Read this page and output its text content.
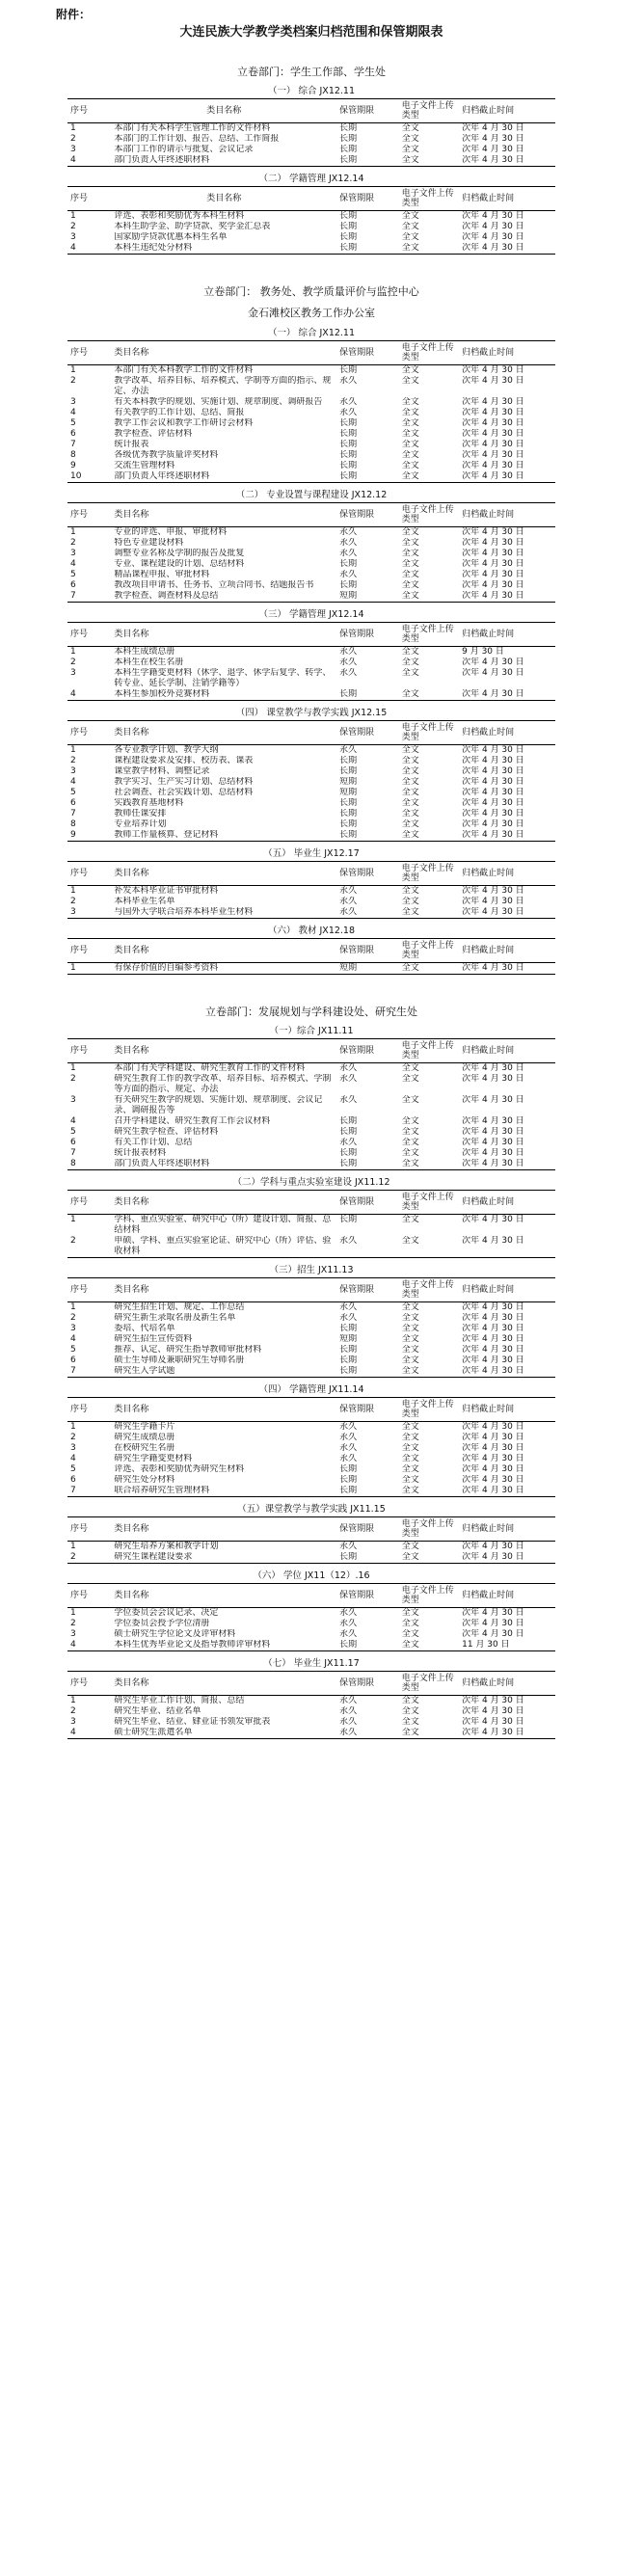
附件：
大连民族大学教学类档案归档范围和保管期限表
立卷部门：学生工作部、学生处
（一） 综合 JX12.11
序号	类目名称	保管期限	电子文件上传类型	归档截止时间
1	本部门有关本科学生管理工作的文件材料	长期	全文	次年 4 月 30 日
2	本部门的工作计划、报告、总结、工作简报	长期	全文	次年 4 月 30 日
3	本部门工作的请示与批复、会议记录	长期	全文	次年 4 月 30 日
4	部门负责人年终述职材料	长期	全文	次年 4 月 30 日
（二） 学籍管理 JX12.14
序号	类目名称	保管期限	电子文件上传类型	归档截止时间
1	评选、表彰和奖励优秀本科生材料	长期	全文	次年 4 月 30 日
2	本科生助学金、助学贷款、奖学金汇总表	长期	全文	次年 4 月 30 日
3	国家励学贷款优惠本科生名单	长期	全文	次年 4 月 30 日
4	本科生违纪处分材料	长期	全文	次年 4 月 30 日
立卷部门： 教务处、教学质量评价与监控中心
金石滩校区教务工作办公室
（一） 综合 JX12.11
序号	类目名称	保管期限	电子文件上传类型	归档截止时间
1	本部门有关本科教学工作的文件材料	长期	全文	次年 4 月 30 日
2	教学改革、培养目标、培养模式、学制等方面的指示、规定、办法	永久	全文	次年 4 月 30 日
3	有关本科教学的规划、实施计划、规章制度、调研报告	永久	全文	次年 4 月 30 日
4	有关教学的工作计划、总结、简报	永久	全文	次年 4 月 30 日
5	教学工作会议和教学工作研讨会材料	长期	全文	次年 4 月 30 日
6	教学检查、评估材料	长期	全文	次年 4 月 30 日
7	统计报表	长期	全文	次年 4 月 30 日
8	各级优秀教学质量评奖材料	长期	全文	次年 4 月 30 日
9	交流生管理材料	长期	全文	次年 4 月 30 日
10	部门负责人年终述职材料	长期	全文	次年 4 月 30 日
（二） 专业设置与课程建设 JX12.12
序号	类目名称	保管期限	电子文件上传类型	归档截止时间
1	专业的评选、申报、审批材料	永久	全文	次年 4 月 30 日
2	特色专业建设材料	永久	全文	次年 4 月 30 日
3	调整专业名称及学制的报告及批复	永久	全文	次年 4 月 30 日
4	专业、课程建设的计划、总结材料	长期	全文	次年 4 月 30 日
5	精品课程申报、审批材料	永久	全文	次年 4 月 30 日
6	教改项目申请书、任务书、立项合同书、结题报告书	长期	全文	次年 4 月 30 日
7	教学检查、调查材料及总结	短期	全文	次年 4 月 30 日
（三） 学籍管理 JX12.14
序号	类目名称	保管期限	电子文件上传类型	归档截止时间
1	本科生成绩总册	永久	全文	9 月 30 日
2	本科生在校生名册	永久	全文	次年 4 月 30 日
3	本科生学籍变更材料（休学、退学、休学后复学、转学、转专业、延长学制、注销学籍等）	永久	全文	次年 4 月 30 日
4	本科生参加校外竞赛材料	长期	全文	次年 4 月 30 日
（四） 课堂教学与教学实践 JX12.15
序号	类目名称	保管期限	电子文件上传类型	归档截止时间
1	各专业教学计划、教学大纲	永久	全文	次年 4 月 30 日
2	课程建设要求及安排、校历表、课表	长期	全文	次年 4 月 30 日
3	课堂教学材料、调整记录	长期	全文	次年 4 月 30 日
4	教学实习、生产实习计划、总结材料	短期	全文	次年 4 月 30 日
5	社会调查、社会实践计划、总结材料	短期	全文	次年 4 月 30 日
6	实践教育基地材料	长期	全文	次年 4 月 30 日
7	教师任课安排	长期	全文	次年 4 月 30 日
8	专业培养计划	长期	全文	次年 4 月 30 日
9	教师工作量核算、登记材料	长期	全文	次年 4 月 30 日
（五） 毕业生 JX12.17
序号	类目名称	保管期限	电子文件上传类型	归档截止时间
1	补发本科毕业证书审批材料	永久	全文	次年 4 月 30 日
2	本科毕业生名单	永久	全文	次年 4 月 30 日
3	与国外大学联合培养本科毕业生材料	永久	全文	次年 4 月 30 日
（六） 教材 JX12.18
序号	类目名称	保管期限	电子文件上传类型	归档截止时间
1	有保存价值的自编参考资料	短期	全文	次年 4 月 30 日
立卷部门：发展规划与学科建设处、研究生处
（一）综合 JX11.11
序号	类目名称	保管期限	电子文件上传类型	归档截止时间
1	本部门有关学科建设、研究生教育工作的文件材料	永久	全文	次年 4 月 30 日
2	研究生教育工作的教学改革、培养目标、培养模式、学制等方面的指示、规定、办法	永久	全文	次年 4 月 30 日
3	有关研究生教学的规划、实施计划、规章制度、会议记录、调研报告等	永久	全文	次年 4 月 30 日
4	召开学科建设、研究生教育工作会议材料	长期	全文	次年 4 月 30 日
5	研究生教学检查、评估材料	长期	全文	次年 4 月 30 日
6	有关工作计划、总结	永久	全文	次年 4 月 30 日
7	统计报表材料	长期	全文	次年 4 月 30 日
8	部门负责人年终述职材料	长期	全文	次年 4 月 30 日
（二）学科与重点实验室建设 JX11.12
序号	类目名称	保管期限	电子文件上传类型	归档截止时间
1	学科、重点实验室、研究中心（所）建设计划、简报、总结材料	长期	全文	次年 4 月 30 日
2	申硕、学科、重点实验室论证、研究中心（所）评估、验收材料	永久	全文	次年 4 月 30 日
（三）招生 JX11.13
序号	类目名称	保管期限	电子文件上传类型	归档截止时间
1	研究生招生计划、规定、工作总结	永久	全文	次年 4 月 30 日
2	研究生新生录取名册及新生名单	永久	全文	次年 4 月 30 日
3	委培、代培名单	长期	全文	次年 4 月 30 日
4	研究生招生宣传资料	短期	全文	次年 4 月 30 日
5	推荐、认定、研究生指导教师审批材料	长期	全文	次年 4 月 30 日
6	硕士生导师及兼职研究生导师名册	长期	全文	次年 4 月 30 日
7	研究生入学试题	长期	全文	次年 4 月 30 日
（四） 学籍管理 JX11.14
序号	类目名称	保管期限	电子文件上传类型	归档截止时间
1	研究生学籍卡片	永久	全文	次年 4 月 30 日
2	研究生成绩总册	永久	全文	次年 4 月 30 日
3	在校研究生名册	永久	全文	次年 4 月 30 日
4	研究生学籍变更材料	永久	全文	次年 4 月 30 日
5	评选、表彰和奖励优秀研究生材料	长期	全文	次年 4 月 30 日
6	研究生处分材料	长期	全文	次年 4 月 30 日
7	联合培养研究生管理材料	长期	全文	次年 4 月 30 日
（五）课堂教学与教学实践 JX11.15
序号	类目名称	保管期限	电子文件上传类型	归档截止时间
1	研究生培养方案和教学计划	永久	全文	次年 4 月 30 日
2	研究生课程建设要求	长期	全文	次年 4 月 30 日
（六） 学位 JX11（12）.16
序号	类目名称	保管期限	电子文件上传类型	归档截止时间
1	学位委员会会议记录、决定	永久	全文	次年 4 月 30 日
2	学位委员会授予学位清册	永久	全文	次年 4 月 30 日
3	硕士研究生学位论文及评审材料	永久	全文	次年 4 月 30 日
4	本科生优秀毕业论文及指导教师评审材料	长期	全文	11 月 30 日
（七） 毕业生 JX11.17
序号	类目名称	保管期限	电子文件上传类型	归档截止时间
1	研究生毕业工作计划、简报、总结	永久	全文	次年 4 月 30 日
2	研究生毕业、结业名单	永久	全文	次年 4 月 30 日
3	研究生毕业、结业、肄业证书领发审批表	永久	全文	次年 4 月 30 日
4	硕士研究生派遣名单	永久	全文	次年 4 月 30 日
